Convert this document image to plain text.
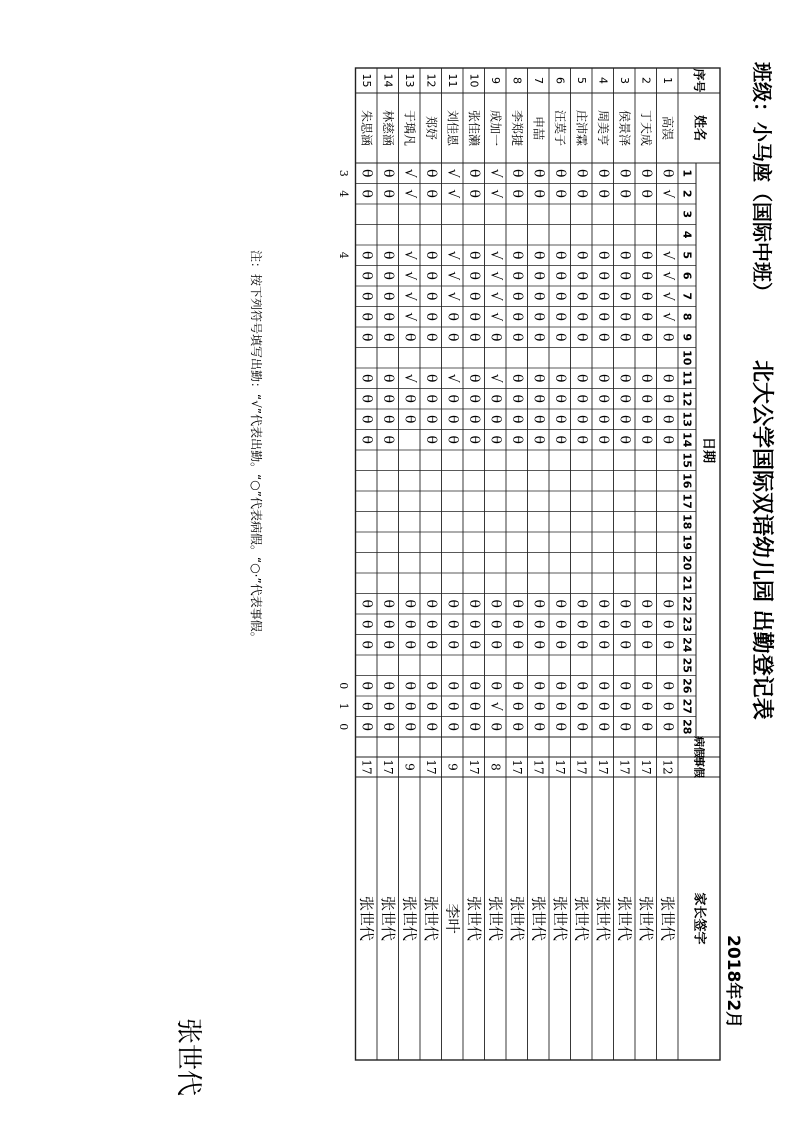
北大公学国际双语幼儿园 出勤登记表
班级：小马座（国际中班）
2018年2月
序号
姓名
日期
病假
事假
家长签字
1
2
3
4
5
6
7
8
9
10
11
12
13
14
15
16
17
18
19
20
21
22
23
24
25
26
27
28
1
高淏
θ
√
√
√
√
√
θ
θ
θ
θ
θ
θ
θ
θ
θ
θ
θ
12
张世代
2
丁天成
θ
θ
θ
θ
θ
θ
θ
θ
θ
θ
θ
θ
θ
θ
θ
θ
θ
17
张世代
3
侯景泽
θ
θ
θ
θ
θ
θ
θ
θ
θ
θ
θ
θ
θ
θ
θ
θ
θ
17
张世代
4
周美亨
θ
θ
θ
θ
θ
θ
θ
θ
θ
θ
θ
θ
θ
θ
θ
θ
θ
17
张世代
5
庄沛霖
θ
θ
θ
θ
θ
θ
θ
θ
θ
θ
θ
θ
θ
θ
θ
θ
θ
17
张世代
6
汪莫子
θ
θ
θ
θ
θ
θ
θ
θ
θ
θ
θ
θ
θ
θ
θ
θ
θ
17
张世代
7
申喆
θ
θ
θ
θ
θ
θ
θ
θ
θ
θ
θ
θ
θ
θ
θ
θ
θ
17
张世代
8
李郑捷
θ
θ
θ
θ
θ
θ
θ
θ
θ
θ
θ
θ
θ
θ
θ
θ
θ
17
张世代
9
成加一
√
√
√
√
√
√
θ
√
θ
θ
θ
θ
θ
θ
θ
√
θ
8
张世代
10
张佳濑
θ
θ
θ
θ
θ
θ
θ
θ
θ
θ
θ
θ
θ
θ
θ
θ
θ
17
张世代
11
刘佳恩
√
√
√
√
√
θ
θ
√
θ
θ
θ
θ
θ
θ
θ
θ
θ
9
李叶
12
郑妤
θ
θ
θ
θ
θ
θ
θ
θ
θ
θ
θ
θ
θ
θ
θ
θ
θ
17
张世代
13
于瑀凡
√
√
√
√
√
√
θ
√
θ
θ
θ
θ
θ
θ
θ
θ
9
张世代
14
林慈涵
θ
θ
θ
θ
θ
θ
θ
θ
θ
θ
θ
θ
θ
θ
θ
θ
θ
17
张世代
15
朱思涵
θ
θ
θ
θ
θ
θ
θ
θ
θ
θ
θ
θ
θ
θ
θ
θ
θ
17
张世代
3
4
4
0
1
0
注：按下列符号填写出勤：“√”代表出勤。“○”代表病假。“○·”代表事假。
张世代
